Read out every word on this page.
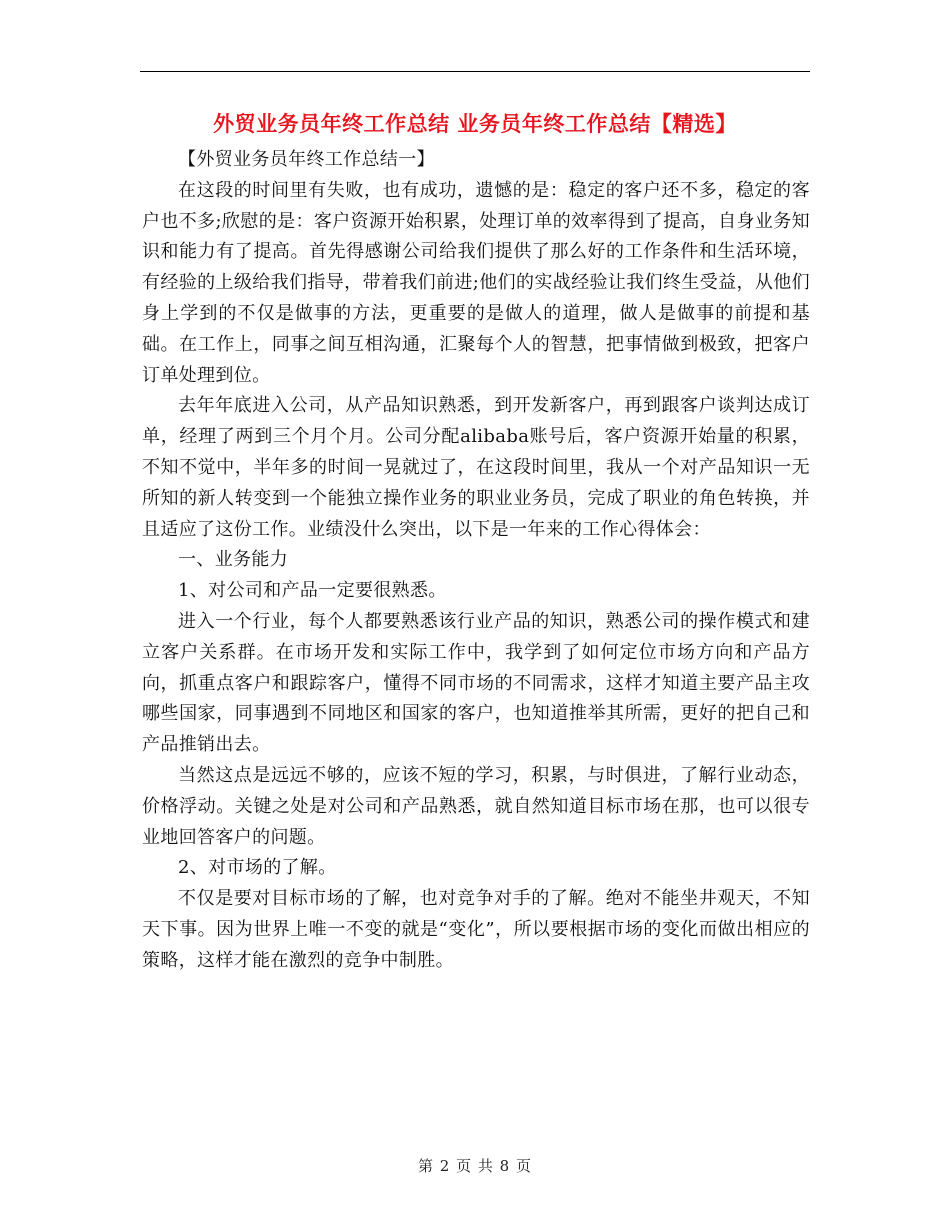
外贸业务员年终工作总结 业务员年终工作总结【精选】

【外贸业务员年终工作总结一】

在这段的时间里有失败，也有成功，遗憾的是：稳定的客户还不多，稳定的客户也不多;欣慰的是：客户资源开始积累，处理订单的效率得到了提高，自身业务知识和能力有了提高。首先得感谢公司给我们提供了那么好的工作条件和生活环境，有经验的上级给我们指导，带着我们前进;他们的实战经验让我们终生受益，从他们身上学到的不仅是做事的方法，更重要的是做人的道理，做人是做事的前提和基础。在工作上，同事之间互相沟通，汇聚每个人的智慧，把事情做到极致，把客户订单处理到位。

去年年底进入公司，从产品知识熟悉，到开发新客户，再到跟客户谈判达成订单，经理了两到三个月个月。公司分配alibaba账号后，客户资源开始量的积累，不知不觉中，半年多的时间一晃就过了，在这段时间里，我从一个对产品知识一无所知的新人转变到一个能独立操作业务的职业业务员，完成了职业的角色转换，并且适应了这份工作。业绩没什么突出，以下是一年来的工作心得体会：

一、业务能力

1、对公司和产品一定要很熟悉。

进入一个行业，每个人都要熟悉该行业产品的知识，熟悉公司的操作模式和建立客户关系群。在市场开发和实际工作中，我学到了如何定位市场方向和产品方向，抓重点客户和跟踪客户，懂得不同市场的不同需求，这样才知道主要产品主攻哪些国家，同事遇到不同地区和国家的客户，也知道推举其所需，更好的把自己和产品推销出去。

当然这点是远远不够的，应该不短的学习，积累，与时俱进，了解行业动态，价格浮动。关键之处是对公司和产品熟悉，就自然知道目标市场在那，也可以很专业地回答客户的问题。

2、对市场的了解。

不仅是要对目标市场的了解，也对竞争对手的了解。绝对不能坐井观天，不知天下事。因为世界上唯一不变的就是“变化”，所以要根据市场的变化而做出相应的策略，这样才能在激烈的竞争中制胜。

第 2 页 共 8 页
